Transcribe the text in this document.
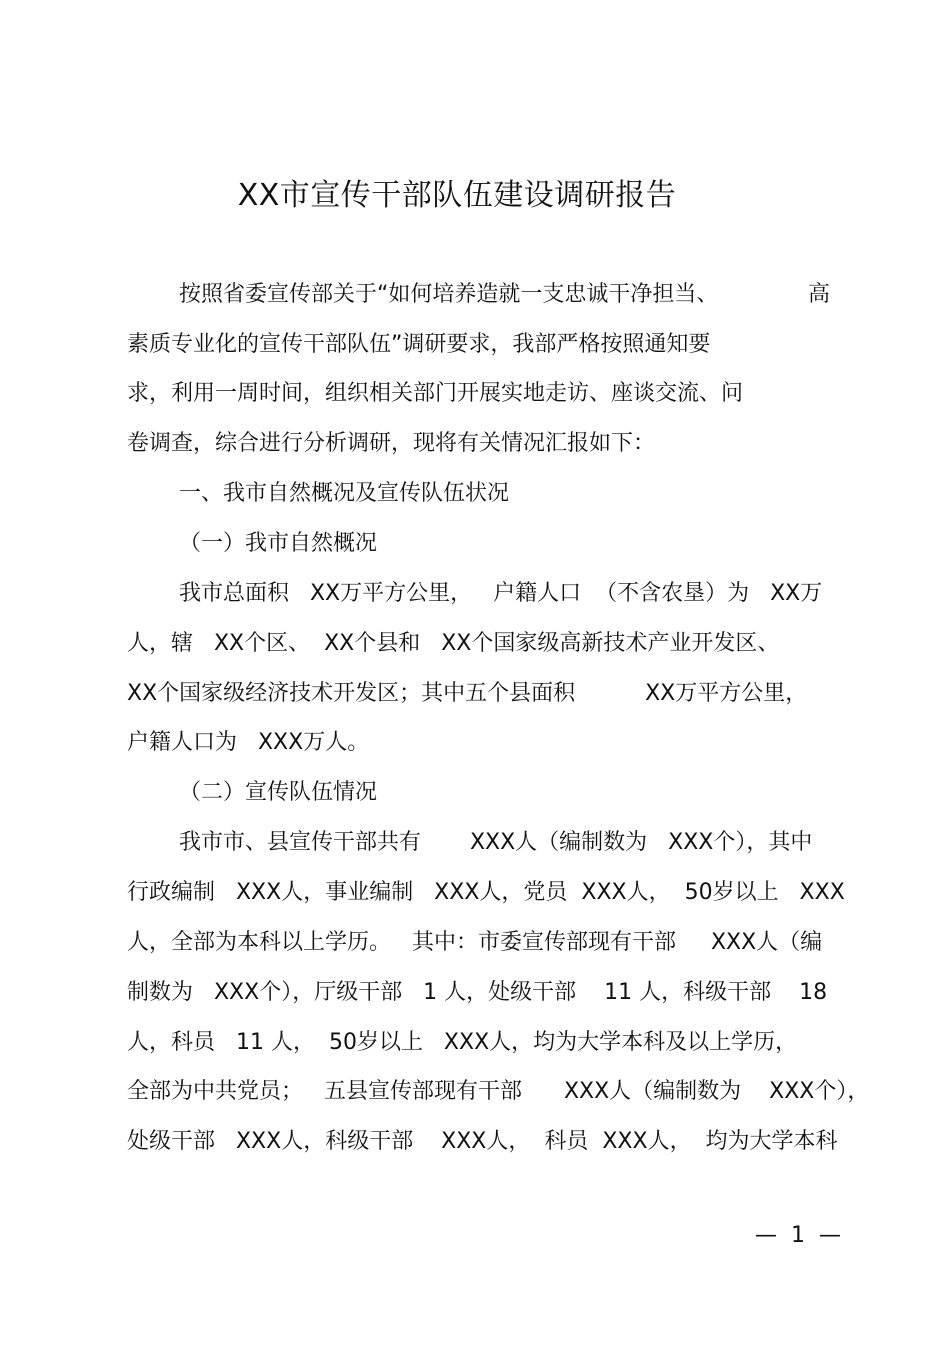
XX市宣传干部队伍建设调研报告

按照省委宣传部关于“如何培养造就一支忠诚干净担当、	高

素质专业化的宣传干部队伍”调研要求，我部严格按照通知要

求，利用一周时间，组织相关部门开展实地走访、座谈交流、问

卷调查，综合进行分析调研，现将有关情况汇报如下：

一、我市自然概况及宣传队伍状况

（一）我市自然概况

我市总面积   XX万平方公里，   户籍人口  （不含农垦）为   XX万

人，辖   XX个区、  XX个县和   XX个国家级高新技术产业开发区、

XX个国家级经济技术开发区；其中五个县面积          XX万平方公里，

户籍人口为   XXX万人。

（二）宣传队伍情况

我市市、县宣传干部共有       XXX人（编制数为   XXX个），其中

行政编制   XXX人，事业编制   XXX人，党员  XXX人，  50岁以上   XXX

人，全部为本科以上学历。   其中：市委宣传部现有干部     XXX人（编

制数为   XXX个），厅级干部   1 人，处级干部    11 人，科级干部    18

人，科员   11 人，  50岁以上   XXX人，均为大学本科及以上学历，

全部为中共党员；   五县宣传部现有干部      XXX人（编制数为    XXX个），

处级干部   XXX人，科级干部    XXX人，  科员  XXX人，  均为大学本科

—  1  —
